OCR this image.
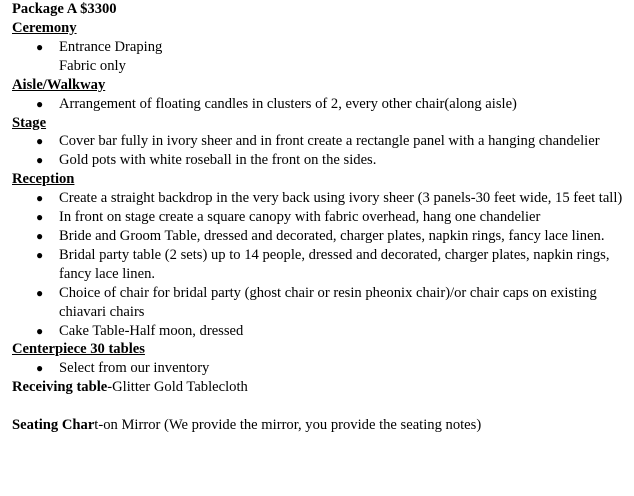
Package A $3300

Ceremony

● Entrance Draping

Fabric only

Aisle/Walkway

● Arrangement of floating candles in clusters of 2, every other chair(along aisle)

Stage

● Cover bar fully in ivory sheer and in front create a rectangle panel with a hanging chandelier
● Gold pots with white roseball in the front on the sides.

Reception

● Create a straight backdrop in the very back using ivory sheer (3 panels-30 feet wide, 15 feet tall)
● In front on stage create a square canopy with fabric overhead, hang one chandelier
● Bride and Groom Table, dressed and decorated, charger plates, napkin rings, fancy lace linen.
● Bridal party table (2 sets) up to 14 people, dressed and decorated, charger plates, napkin rings, fancy lace linen.
● Choice of chair for bridal party (ghost chair or resin pheonix chair)/or chair caps on existing chiavari chairs
● Cake Table-Half moon, dressed

Centerpiece 30 tables

● Select from our inventory

Receiving table-Glitter Gold Tablecloth

Seating Chart-on Mirror (We provide the mirror, you provide the seating notes)
